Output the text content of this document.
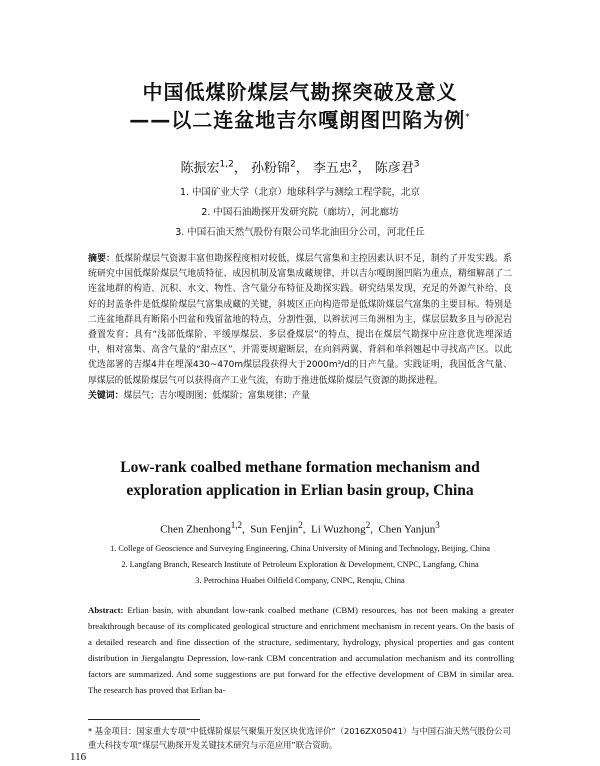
中国低煤阶煤层气勘探突破及意义
——以二连盆地吉尔嘎朗图凹陷为例*
陈振宏$^{1,2}$， 孙粉锦$^2$， 李五忠$^2$， 陈彦君$^3$
1. 中国矿业大学（北京）地球科学与测绘工程学院，北京
2. 中国石油勘探开发研究院（廊坊），河北廊坊
3. 中国石油天然气股份有限公司华北油田分公司，河北任丘
摘要：低煤阶煤层气资源丰富但勘探程度相对较低，煤层气富集和主控因素认识不足，制约了开发实践。系统研究中国低煤阶煤层气地质特征、成因机制及富集成藏规律，并以吉尔嘎朗图凹陷为重点，精细解剖了二连盆地群的构造、沉积、水文、物性、含气量分布特征及勘探实践。研究结果发现，充足的外源气补给、良好的封盖条件是低煤阶煤层气富集成藏的关键，斜坡区正向构造带是低煤阶煤层气富集的主要目标。特别是二连盆地群具有断陷小凹盆和残留盆地的特点，分割性强，以辫状河三角洲相为主，煤层层数多且与砂泥岩叠置发育；具有“浅部低煤阶、平缓厚煤层、多层叠煤层”的特点，提出在煤层气勘探中应注意优选埋深适中，相对富集、高含气量的“甜点区”，并需要规避断层，在向斜两翼、背斜和单斜翘起中寻找高产区。以此优选部署的吉煤4井在埋深430~470m煤层段获得大于2000m³/d的日产气量。实践证明，我国低含气量、厚煤层的低煤阶煤层气可以获得商产工业气流，有助于推进低煤阶煤层气资源的勘探进程。
关键词：煤层气；吉尔嘎朗图；低煤阶；富集规律；产量
Low-rank coalbed methane formation mechanism and
exploration application in Erlian basin group, China
Chen Zhenhong$^{1,2}$,  Sun Fenjin$^2$,  Li Wuzhong$^2$,  Chen Yanjun$^3$
1. College of Geoscience and Surveying Engineering, China University of Mining and Technology, Beijing, China
2. Langfang Branch, Research Institute of Petroleum Exploration & Development, CNPC, Langfang, China
3. Petrochina Huabei Oilfield Company, CNPC, Renqiu, China
Abstract: Erlian basin, with abundant low-rank coalbed methane (CBM) resources, has not been making a greater breakthrough because of its complicated geological structure and enrichment mechanism in recent years. On the basis of a detailed research and fine dissection of the structure, sedimentary, hydrology, physical properties and gas content distribution in Jiergalangtu Depression, low-rank CBM concentration and accumulation mechanism and its controlling factors are summarized. And some suggestions are put forward for the effective development of CBM in similar area. The research has proved that Erlian ba-
* 基金项目：国家重大专项“中低煤阶煤层气聚集开发区块优选评价”（2016ZX05041）与中国石油天然气股份公司重大科技专项“煤层气勘探开发关键技术研究与示范应用”联合资助。
116
